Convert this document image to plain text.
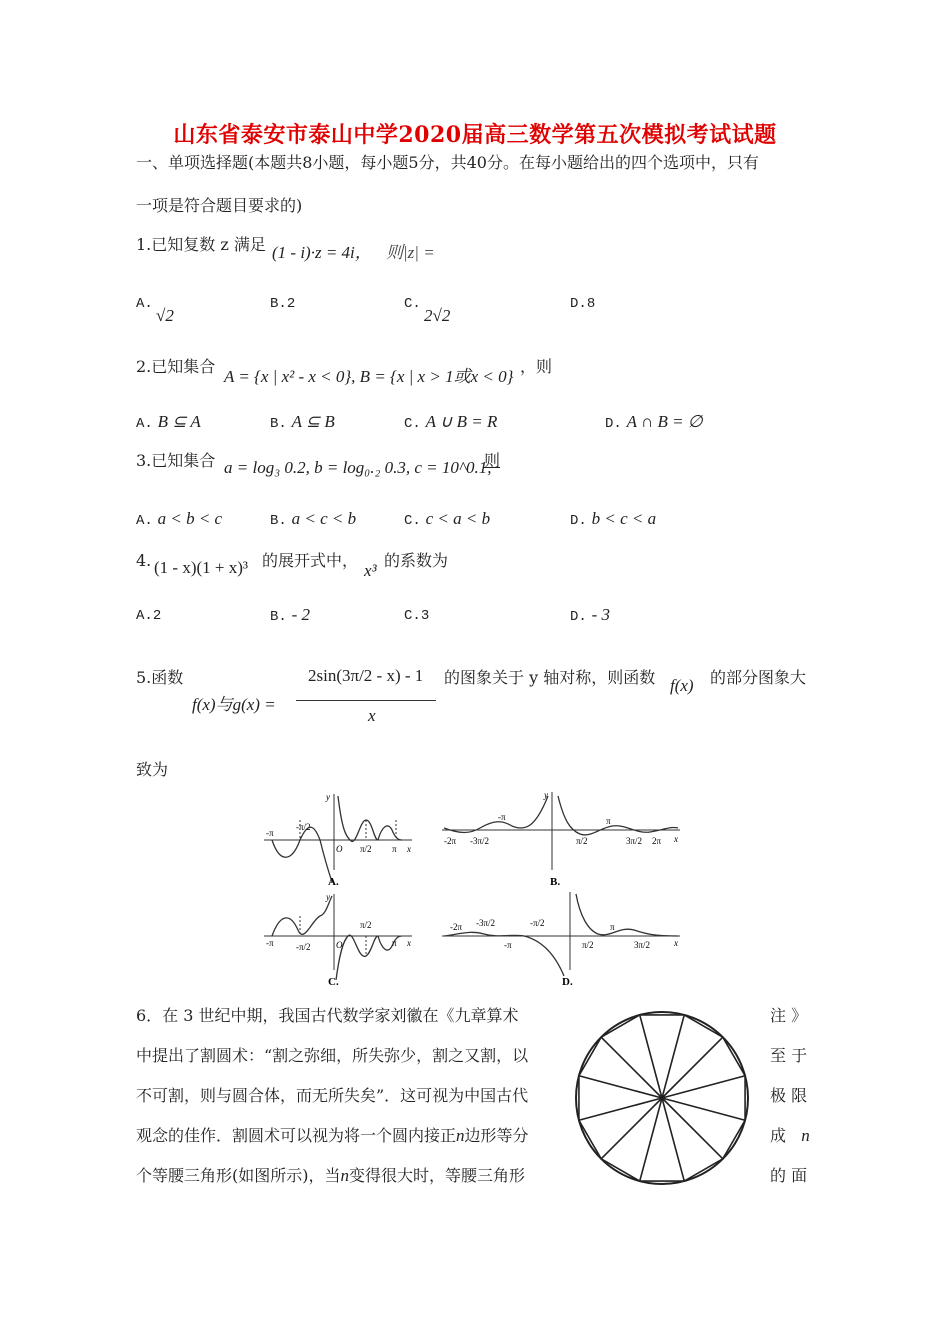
山东省泰安市泰山中学2020届高三数学第五次模拟考试试题
一、单项选择题(本题共8小题，每小题5分，共40分。在每小题给出的四个选项中，只有
一项是符合题目要求的)
1.已知复数 z 满足 (1 - i)·z = 4i， 则|z| =
A.
√2
B.2	C.
2√2
D.8
2.已知集合
A = {x | x² - x < 0}, B = {x | x > 1或x < 0}
，则
A. B ⊆ A	B. A ⊆ B	C. A ∪ B = R	D. A ∩ B = ∅
3.已知集合 a = log₃ 0.2, b = log₀.₂ 0.3, c = 10^0.1,
则
A. a < b < c	B. a < c < b	C. c < a < b	D. b < c < a
4. (1 - x)(1 + x)³ 的展开式中，
x³
的系数为
A.2	B. - 2	C.3	D. - 3
5.函数
f(x)与g(x) =
2sin(3π/2 - x) - 1
x
的图象关于 y 轴对称，则函数 f(x) 的部分图象大
致为
-π
-π/2
O π/2 π x
y
A.
-2π -3π/2
-π
π/2
π
3π/2 2π x
y
B.
-π -π/2	O
π/2
π x
y
C.
-2π -3π/2
-π
-π/2
π/2
π
3π/2	x
D.
6．在 3 世纪中期，我国古代数学家刘徽在《九章算术	注 》
中提出了割圆术：“割之弥细，所失弥少，割之又割，以	至 于
不可割，则与圆合体，而无所失矣”．这可视为中国古代	极 限
观念的佳作．割圆术可以视为将一个圆内接正n边形等分	成 n
个等腰三角形(如图所示)，当n变得很大时，等腰三角形	的 面
